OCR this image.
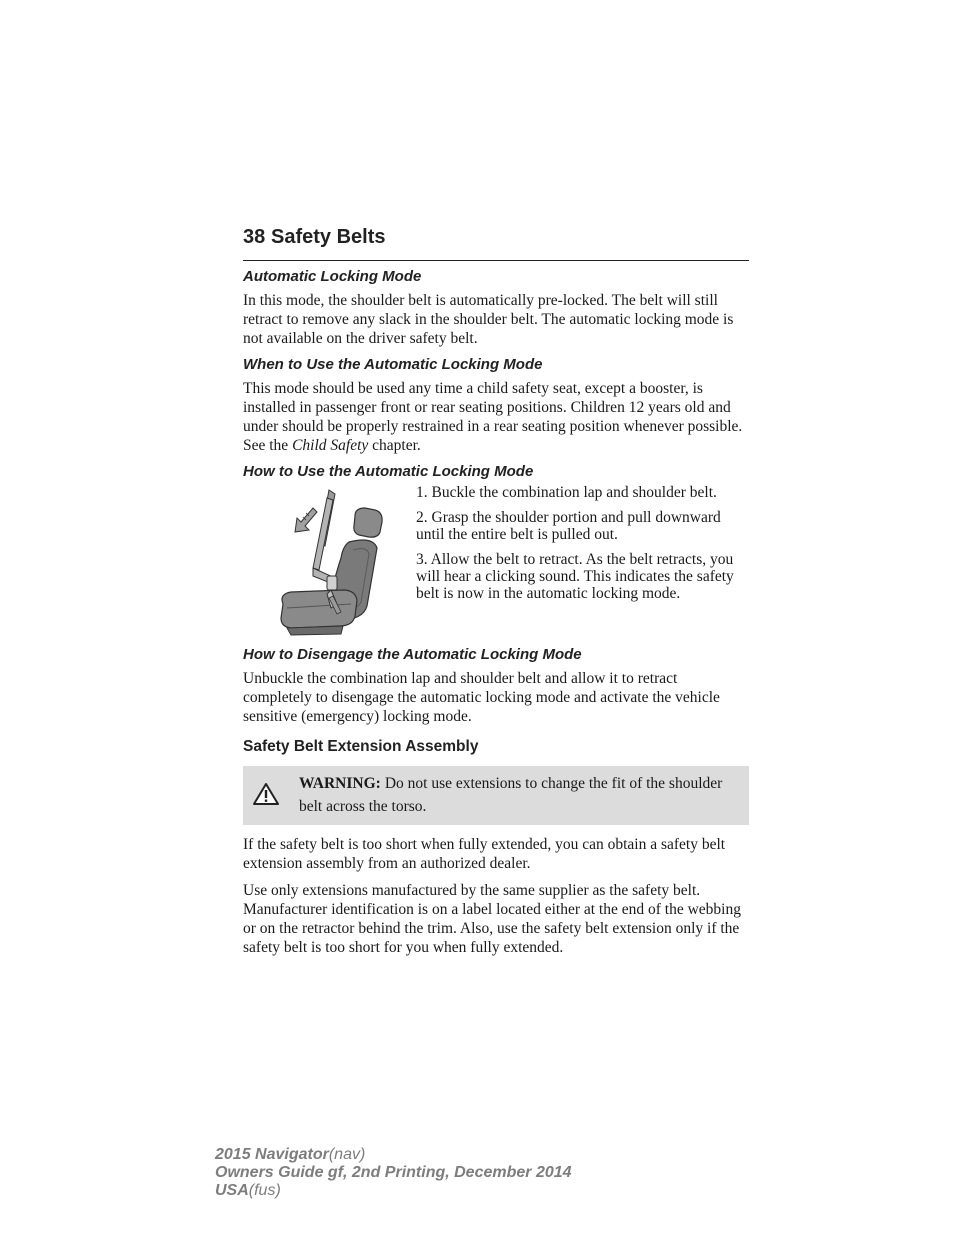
38 Safety Belts
Automatic Locking Mode

In this mode, the shoulder belt is automatically pre-locked. The belt will still retract to remove any slack in the shoulder belt. The automatic locking mode is not available on the driver safety belt.

When to Use the Automatic Locking Mode

This mode should be used any time a child safety seat, except a booster, is installed in passenger front or rear seating positions. Children 12 years old and under should be properly restrained in a rear seating position whenever possible. See the Child Safety chapter.

How to Use the Automatic Locking Mode

1. Buckle the combination lap and shoulder belt.

2. Grasp the shoulder portion and pull downward until the entire belt is pulled out.

3. Allow the belt to retract. As the belt retracts, you will hear a clicking sound. This indicates the safety belt is now in the automatic locking mode.

How to Disengage the Automatic Locking Mode

Unbuckle the combination lap and shoulder belt and allow it to retract completely to disengage the automatic locking mode and activate the vehicle sensitive (emergency) locking mode.

Safety Belt Extension Assembly
WARNING: Do not use extensions to change the fit of the shoulder belt across the torso.

If the safety belt is too short when fully extended, you can obtain a safety belt extension assembly from an authorized dealer.

Use only extensions manufactured by the same supplier as the safety belt. Manufacturer identification is on a label located either at the end of the webbing or on the retractor behind the trim. Also, use the safety belt extension only if the safety belt is too short for you when fully extended.

2015 Navigator(nav)
Owners Guide gf, 2nd Printing, December 2014
USA(fus)
